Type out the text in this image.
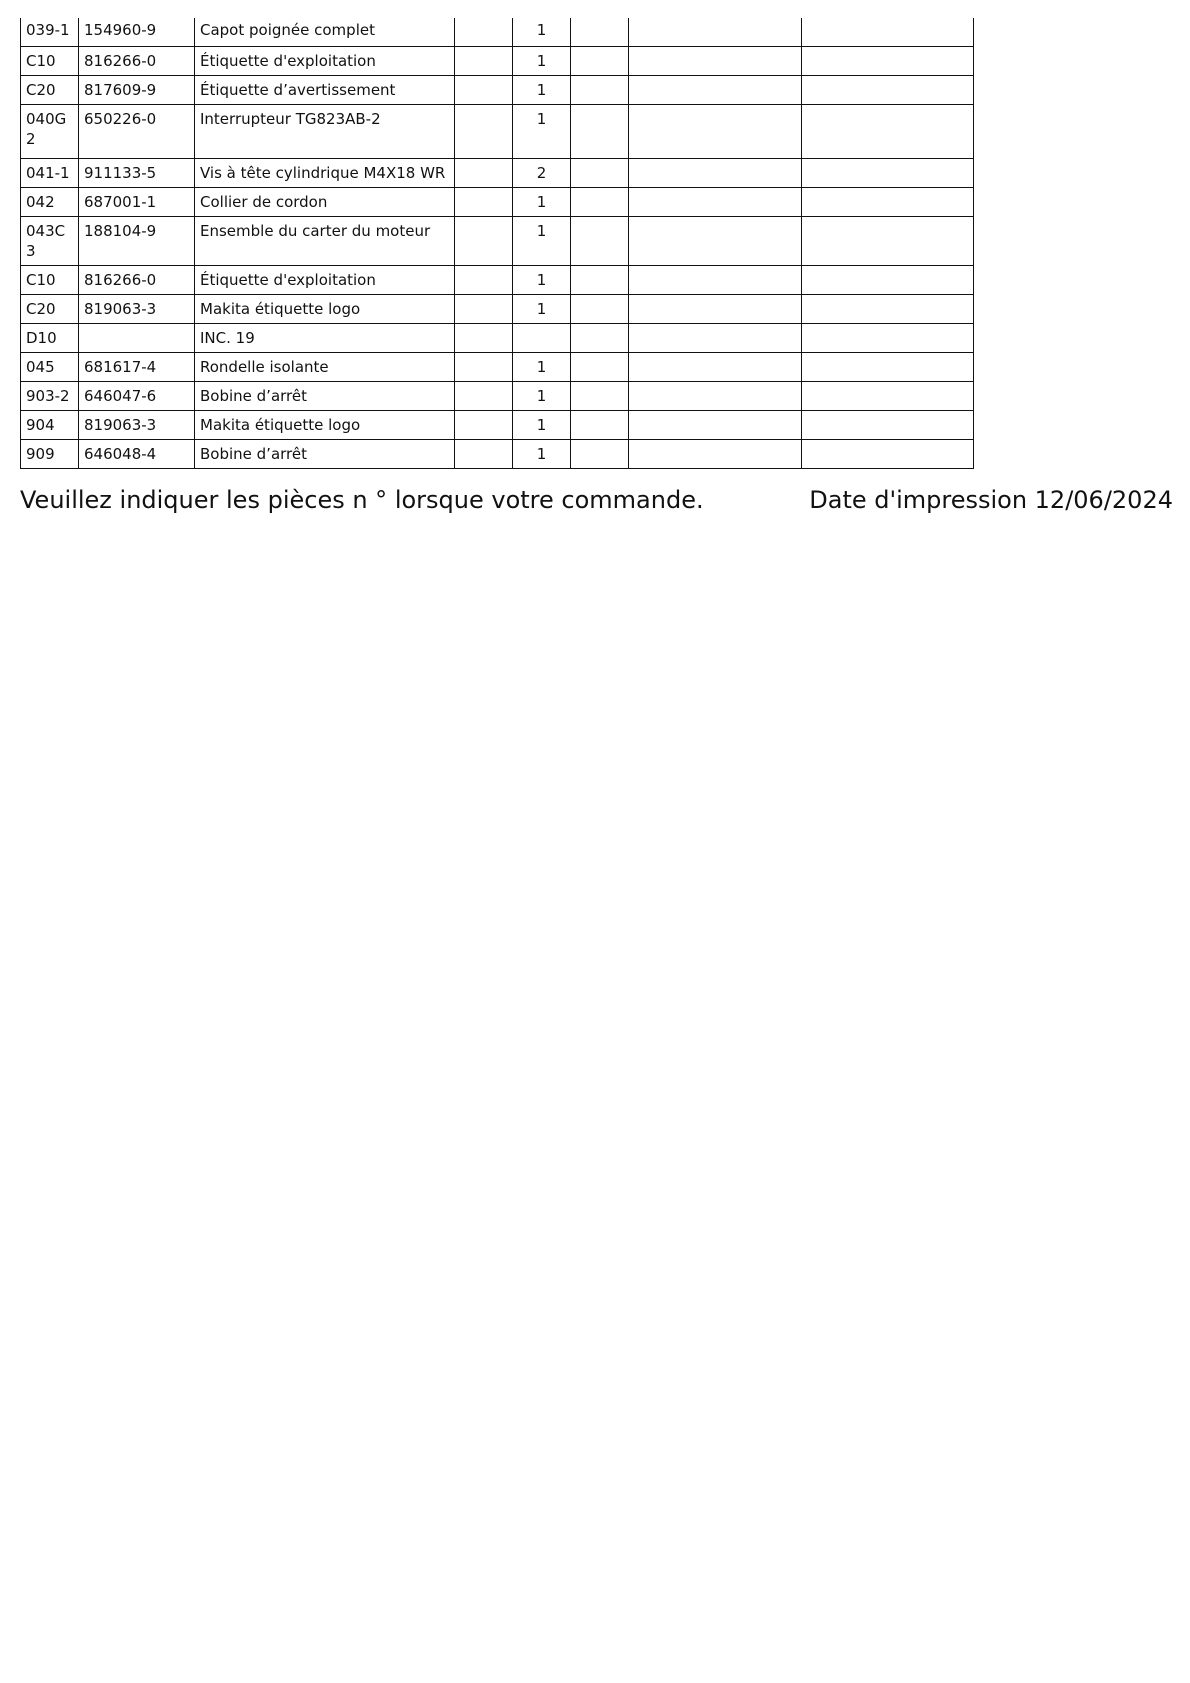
039-1	154960-9	Capot poignée complet		1			
C10	816266-0	Étiquette d'exploitation		1			
C20	817609-9	Étiquette d’avertissement		1			
040G2	650226-0	Interrupteur TG823AB-2		1			
041-1	911133-5	Vis à tête cylindrique M4X18 WR		2			
042	687001-1	Collier de cordon		1			
043C3	188104-9	Ensemble du carter du moteur		1			
C10	816266-0	Étiquette d'exploitation		1			
C20	819063-3	Makita étiquette logo		1			
D10		INC. 19					
045	681617-4	Rondelle isolante		1			
903-2	646047-6	Bobine d’arrêt		1			
904	819063-3	Makita étiquette logo		1			
909	646048-4	Bobine d’arrêt		1			
Veuillez indiquer les pièces n ° lorsque votre commande.	Date d'impression 12/06/2024
